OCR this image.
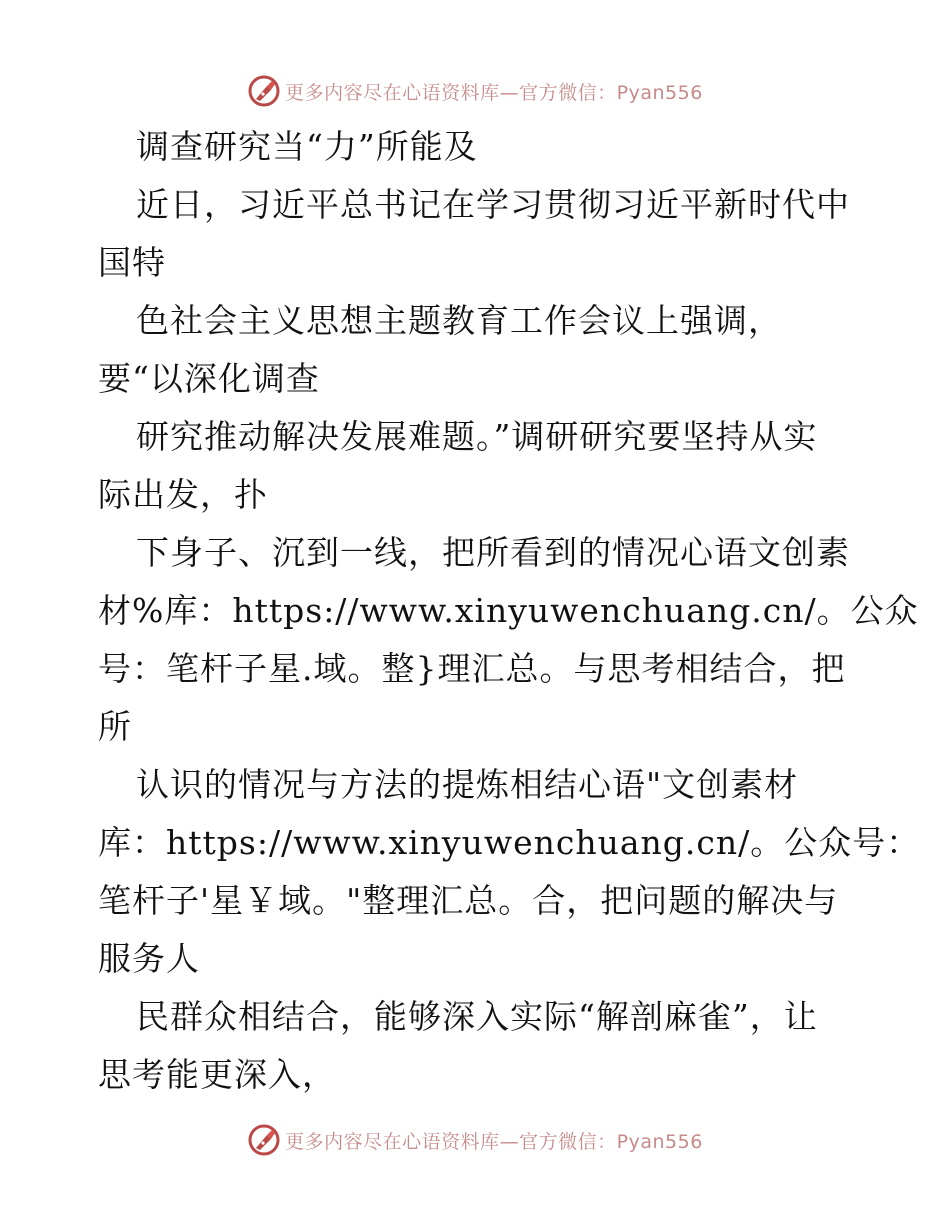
更多内容尽在心语资料库—官方微信：Pyan556
调查研究当“力”所能及
近日，习近平总书记在学习贯彻习近平新时代中
国特
色社会主义思想主题教育工作会议上强调，
要“以深化调查
研究推动解决发展难题。”调研研究要坚持从实
际出发，扑
下身子、沉到一线，把所看到的情况心语文创素
材%库：https://www.xinyuwenchuang.cn/。公众
号：笔杆子星.域。整}理汇总。与思考相结合，把
所
认识的情况与方法的提炼相结心语"文创素材
库：https://www.xinyuwenchuang.cn/。公众号：
笔杆子'星￥域。"整理汇总。合，把问题的解决与
服务人
民群众相结合，能够深入实际“解剖麻雀”，让
思考能更深入，
更多内容尽在心语资料库—官方微信：Pyan556
